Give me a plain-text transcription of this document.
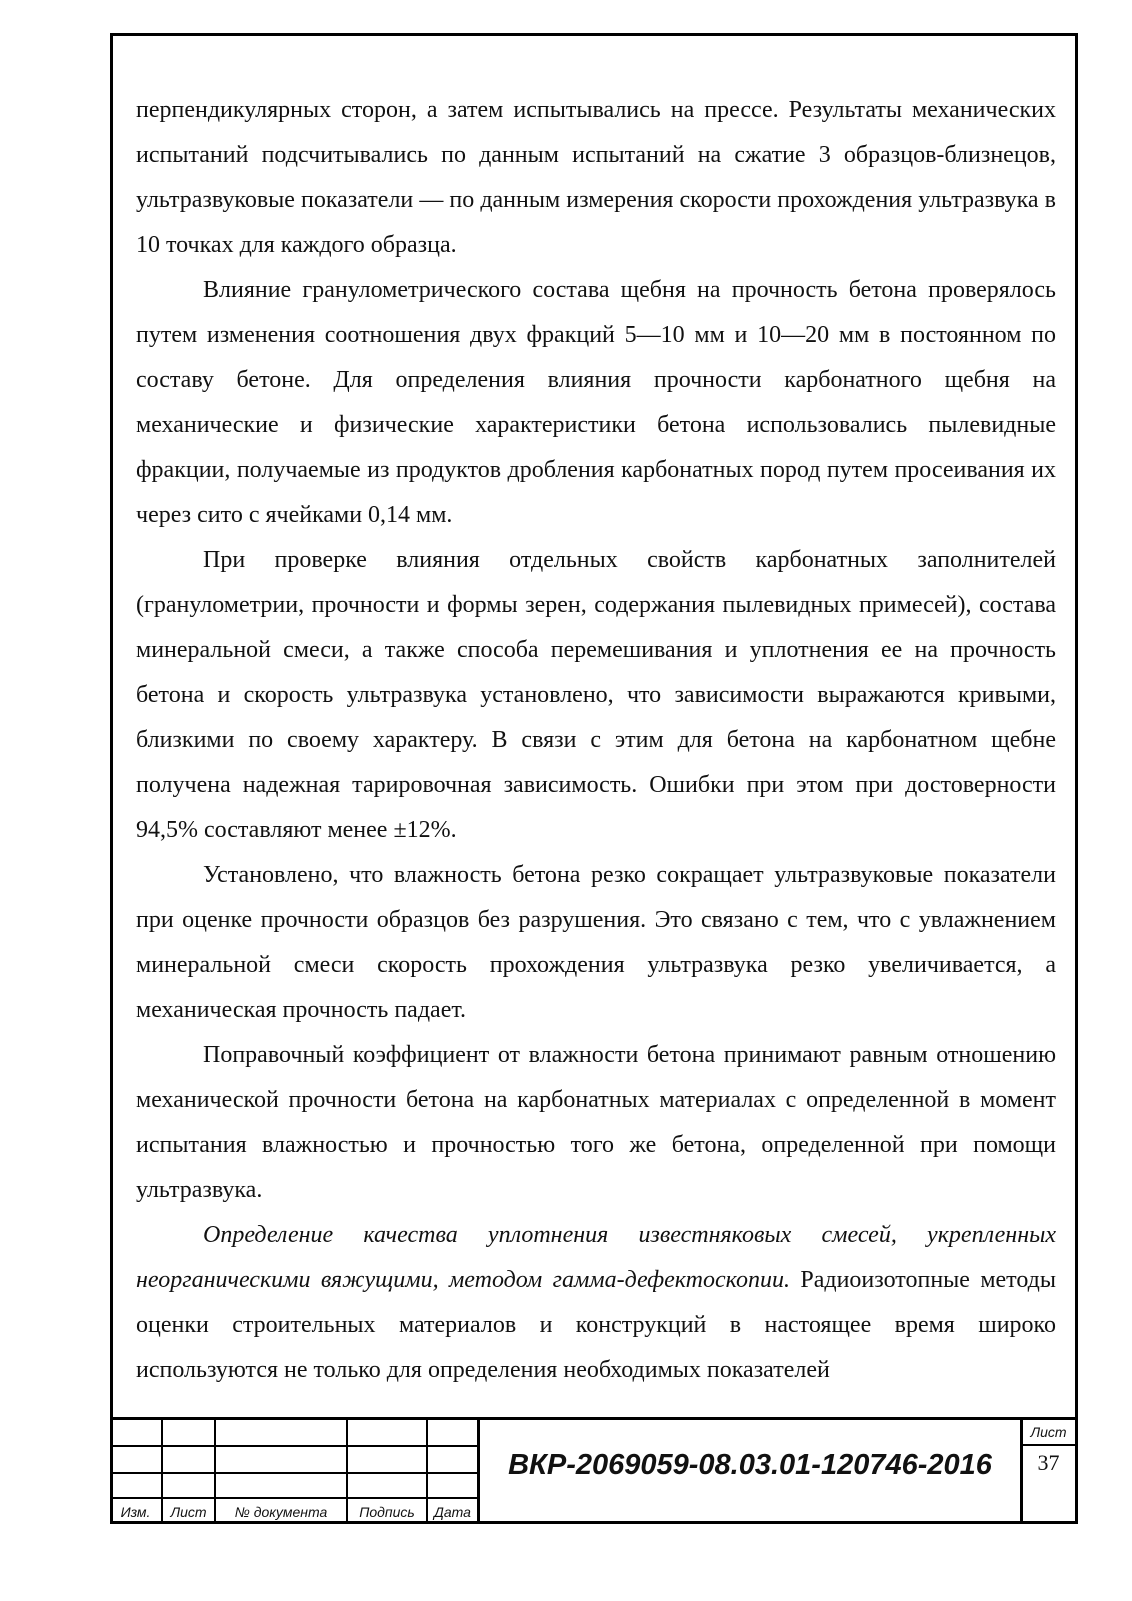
перпендикулярных сторон, а затем испытывались на прессе. Результаты механических испытаний подсчитывались по данным испытаний на сжатие 3 образцов-близнецов, ультразвуковые показатели — по данным измерения скорости прохождения ультразвука в 10 точках для каждого образца.

Влияние гранулометрического состава щебня на прочность бетона проверялось путем изменения соотношения двух фракций 5—10 мм и 10—20 мм в постоянном по составу бетоне. Для определения влияния прочности карбонатного щебня на механические и физические характеристики бетона использовались пылевидные фракции, получаемые из продуктов дробления карбонатных пород путем просеивания их через сито с ячейками 0,14 мм.

При проверке влияния отдельных свойств карбонатных заполнителей (гранулометрии, прочности и формы зерен, содержания пылевидных примесей), состава минеральной смеси, а также способа перемешивания и уплотнения ее на прочность бетона и скорость ультразвука установлено, что зависимости выражаются кривыми, близкими по своему характеру. В связи с этим для бетона на карбонатном щебне получена надежная тарировочная зависимость. Ошибки при этом при достоверности 94,5% составляют менее ±12%.

Установлено, что влажность бетона резко сокращает ультразвуковые показатели при оценке прочности образцов без разрушения. Это связано с тем, что с увлажнением минеральной смеси скорость прохождения ультразвука резко увеличивается, а механическая прочность падает.

Поправочный коэффициент от влажности бетона принимают равным отношению механической прочности бетона на карбонатных материалах с определенной в момент испытания влажностью и прочностью того же бетона, определенной при помощи ультразвука.

Определение качества уплотнения известняковых смесей, укрепленных неорганическими вяжущими, методом гамма-дефектоскопии. Радиоизотопные методы оценки строительных материалов и конструкций в настоящее время широко используются не только для определения необходимых показателей

Изм.	Лист	№ документа	Подпись	Дата
ВКР-2069059-08.03.01-120746-2016
Лист
37
